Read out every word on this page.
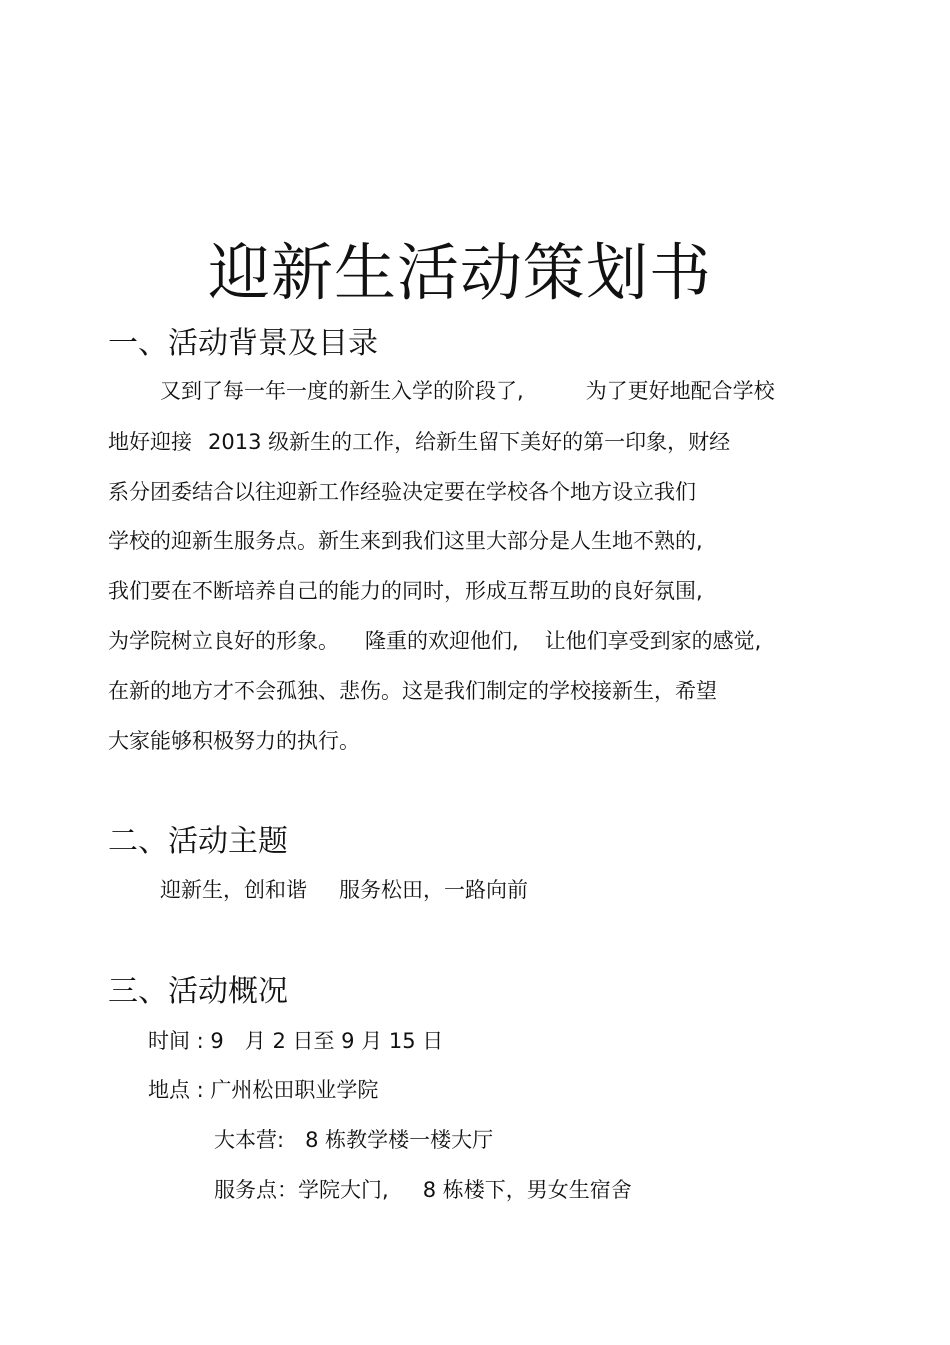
迎新生活动策划书
一、活动背景及目录
又到了每一年一度的新生入学的阶段了,	为了更好地配合学校
地好迎接 2013 级新生的工作，给新生留下美好的第一印象，财经
系分团委结合以往迎新工作经验决定要在学校各个地方设立我们
学校的迎新生服务点。新生来到我们这里大部分是人生地不熟的,
我们要在不断培养自己的能力的同时，形成互帮互助的良好氛围,
为学院树立良好的形象。 隆重的欢迎他们, 让他们享受到家的感觉,
在新的地方才不会孤独、悲伤。这是我们制定的学校接新生，希望
大家能够积极努力的执行。
二、活动主题
迎新生，创和谐 服务松田，一路向前
三、活动概况
时间 : 9　月 2 日至 9 月 15 日
地点 : 广州松田职业学院
大本营:　8 栋教学楼一楼大厅
服务点：学院大门, 8 栋楼下，男女生宿舍
